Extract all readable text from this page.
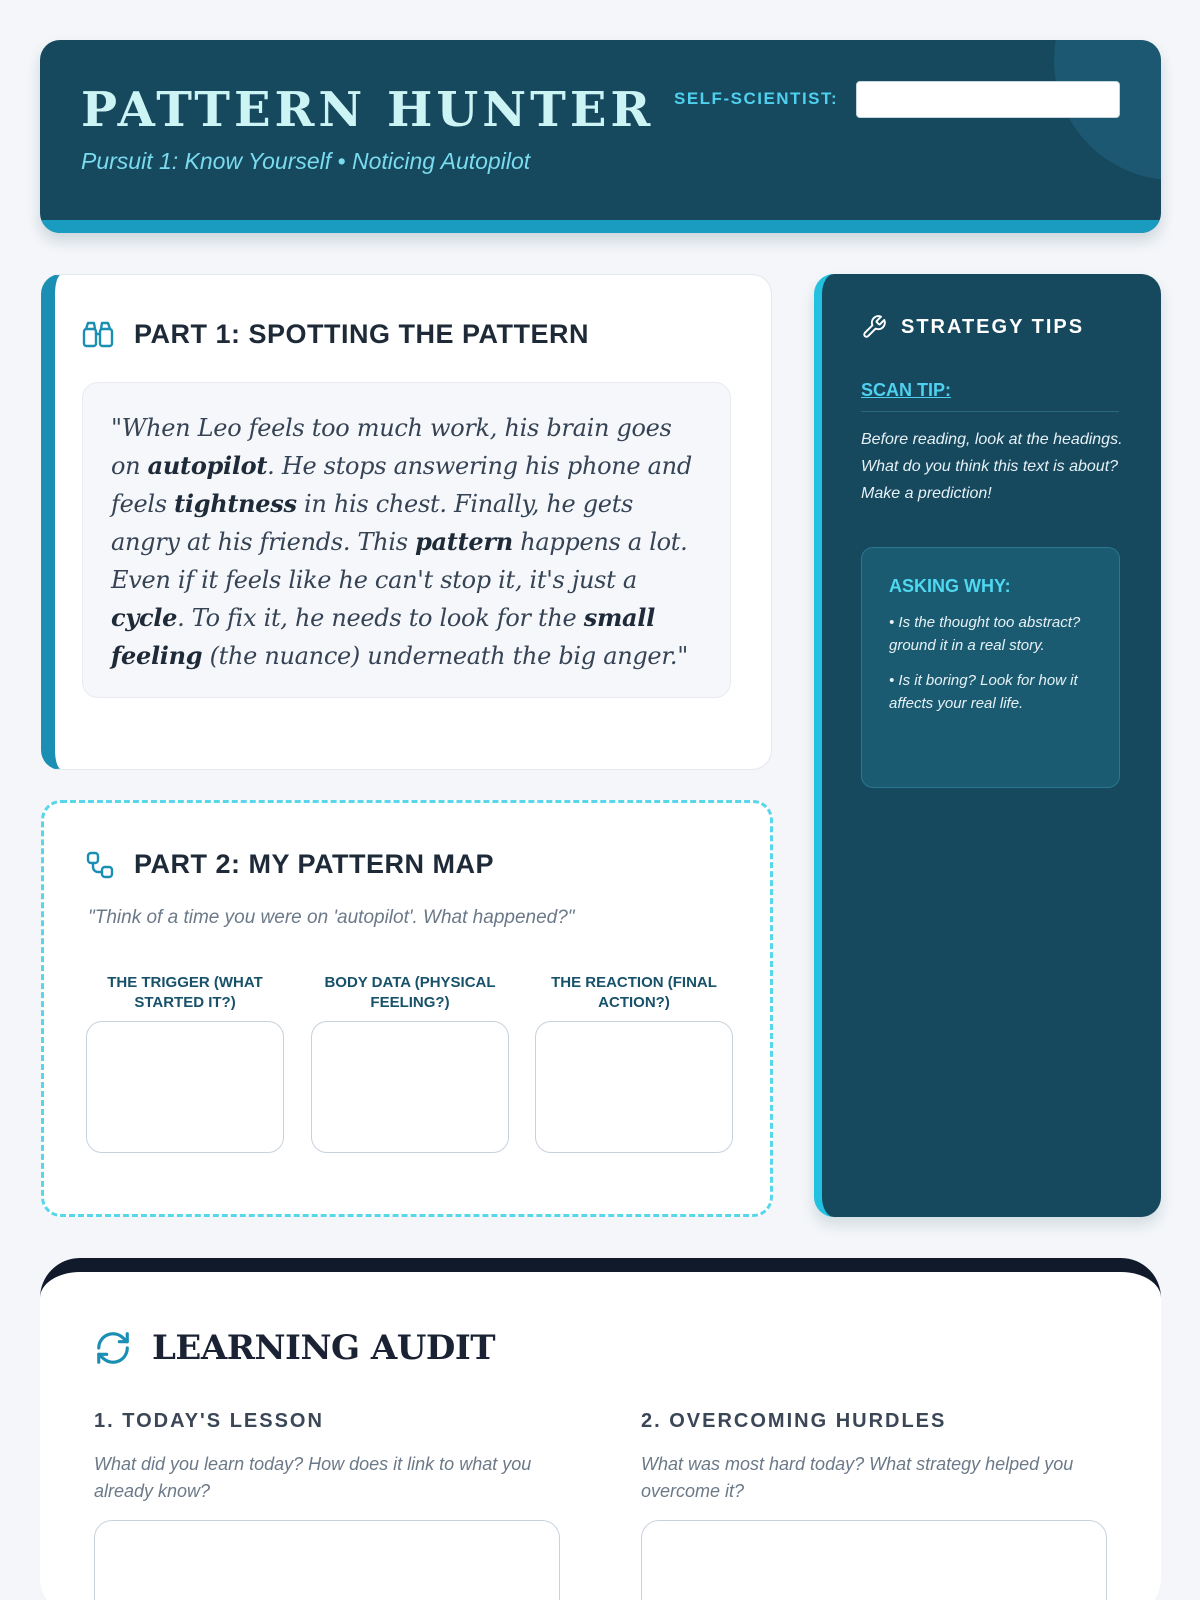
PATTERN HUNTER
Pursuit 1: Know Yourself • Noticing Autopilot
SELF-SCIENTIST:
PART 1: SPOTTING THE PATTERN
"When Leo feels too much work, his brain goes on autopilot. He stops answering his phone and feels tightness in his chest. Finally, he gets angry at his friends. This pattern happens a lot. Even if it feels like he can't stop it, it's just a cycle. To fix it, he needs to look for the small feeling (the nuance) underneath the big anger."
PART 2: MY PATTERN MAP
"Think of a time you were on 'autopilot'. What happened?"
THE TRIGGER (WHAT STARTED IT?)
BODY DATA (PHYSICAL FEELING?)
THE REACTION (FINAL ACTION?)
STRATEGY TIPS
SCAN TIP:
Before reading, look at the headings. What do you think this text is about? Make a prediction!
ASKING WHY:
• Is the thought too abstract? ground it in a real story.
• Is it boring? Look for how it affects your real life.
LEARNING AUDIT
1. TODAY'S LESSON
What did you learn today? How does it link to what you already know?
2. OVERCOMING HURDLES
What was most hard today? What strategy helped you overcome it?
